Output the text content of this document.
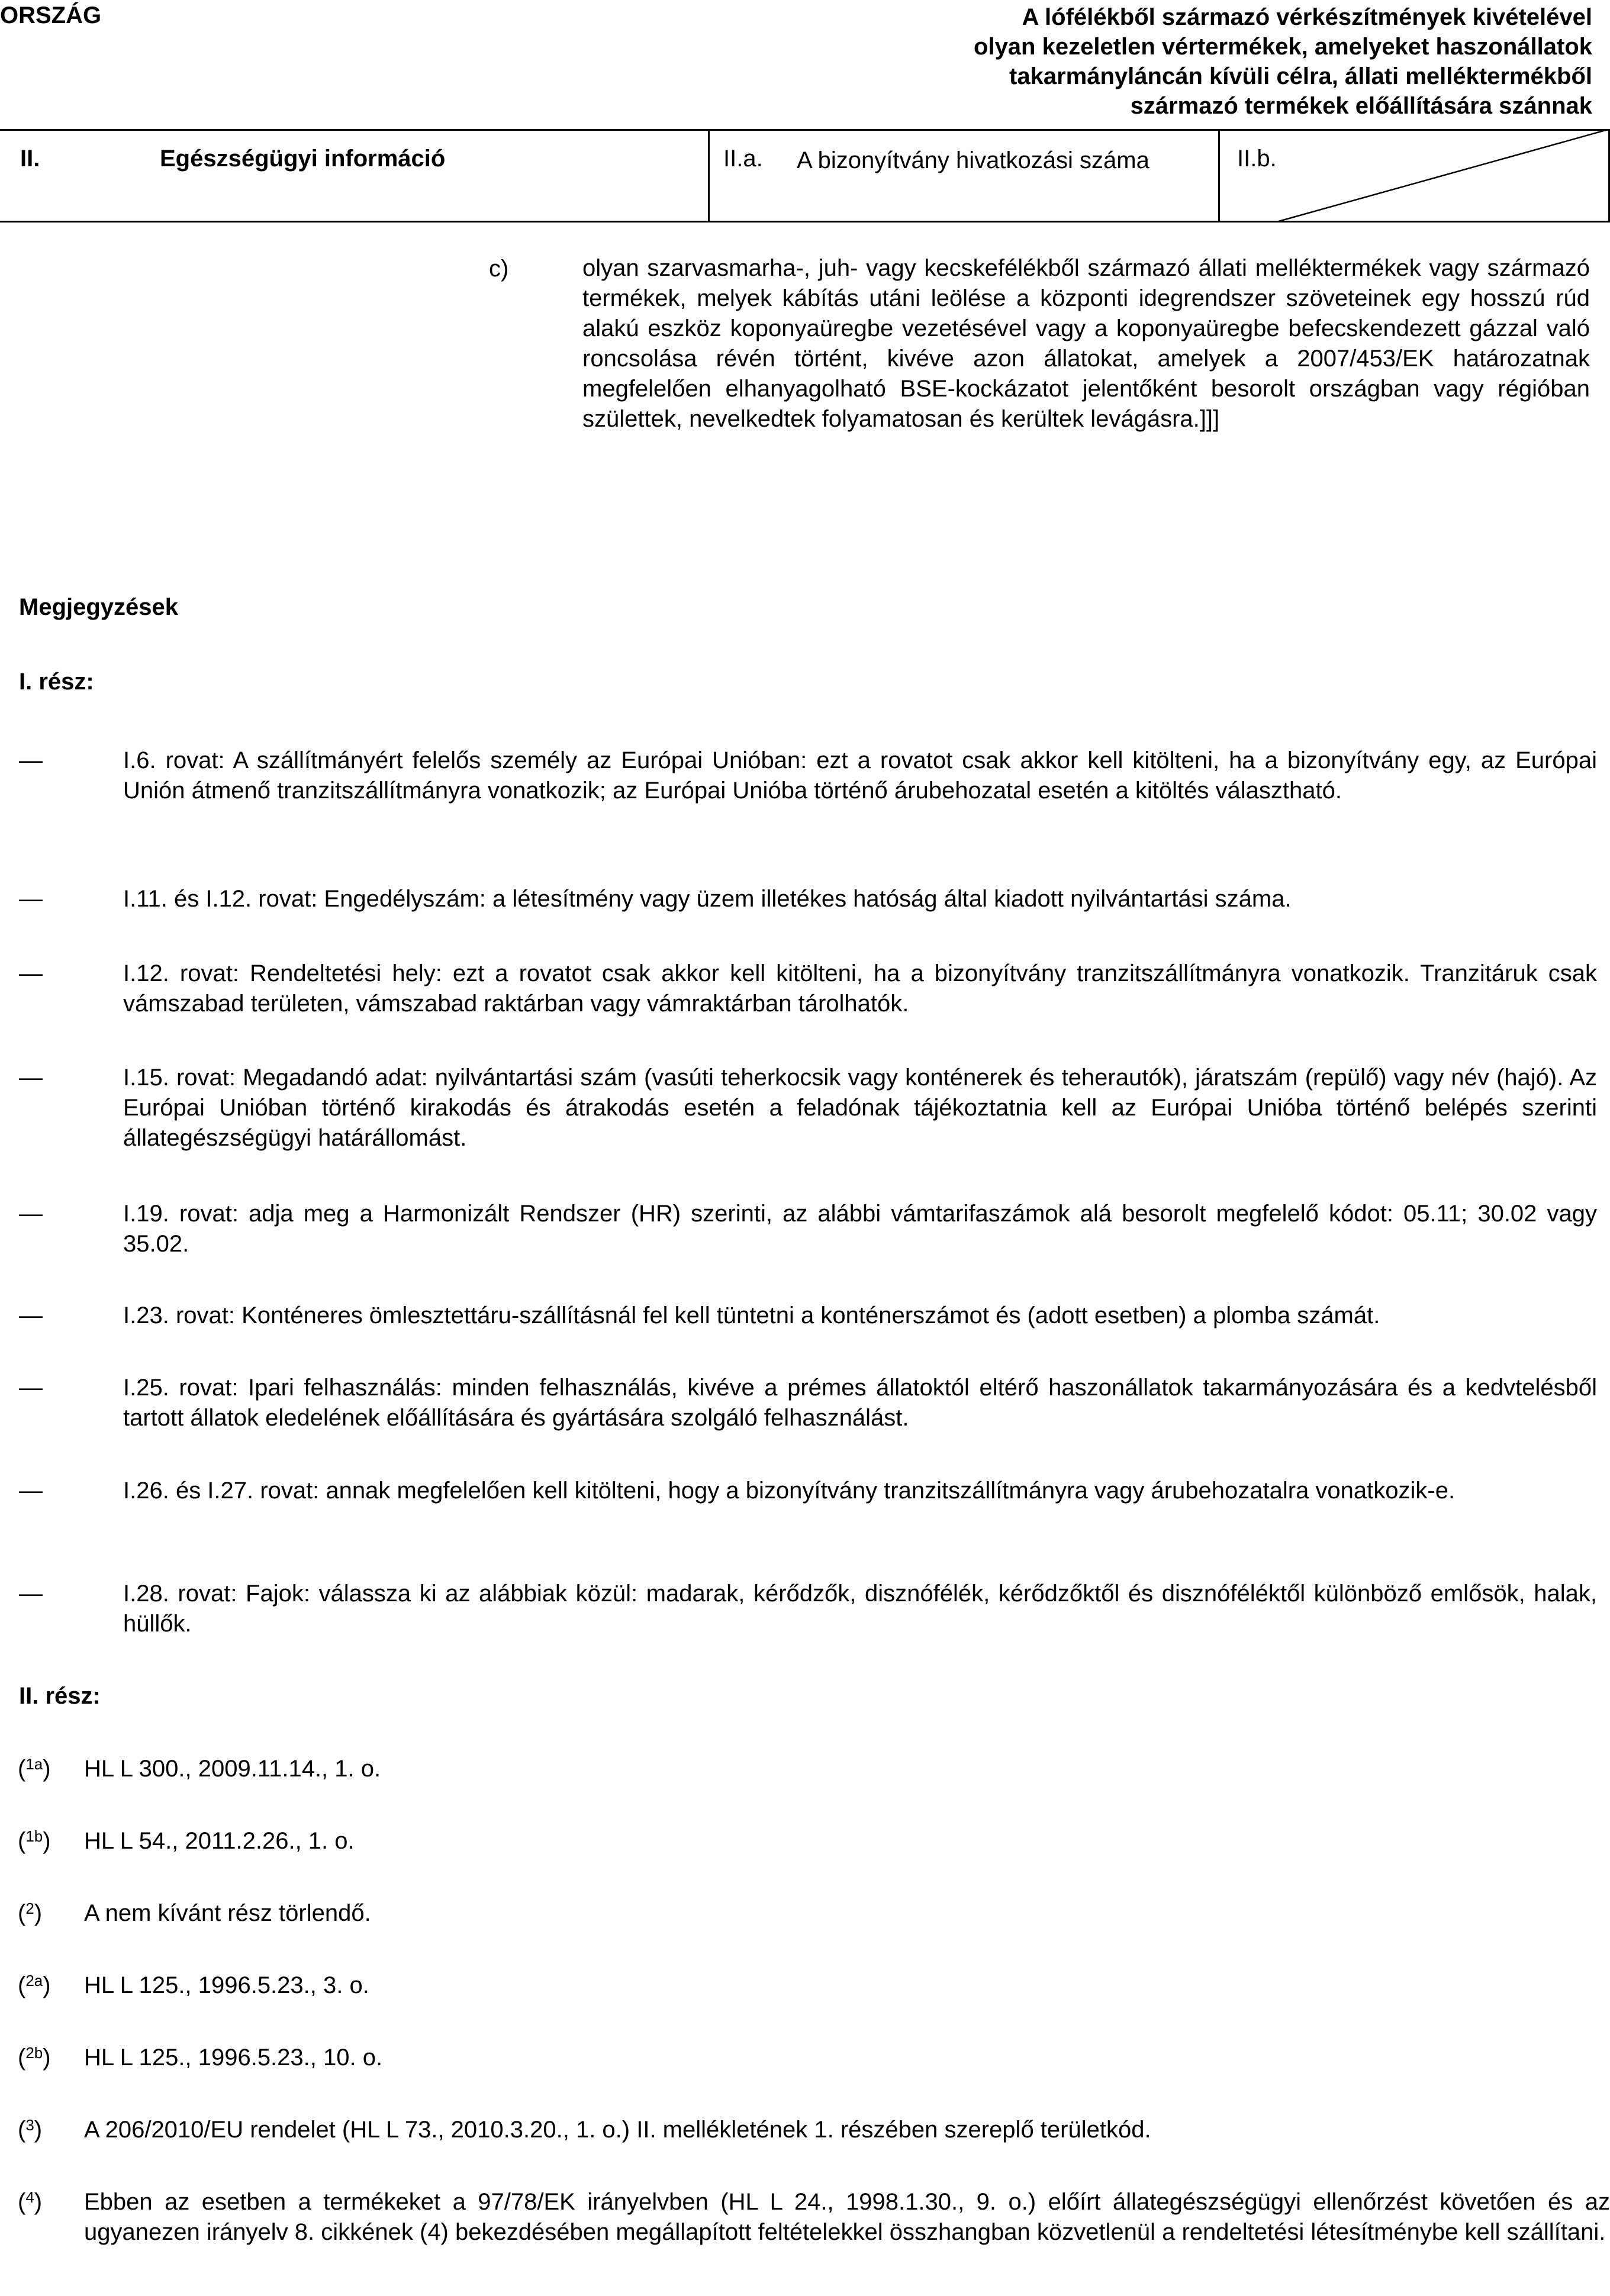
ORSZÁG	A lófélékből származó vérkészítmények kivételével
olyan kezeletlen vértermékek, amelyeket haszonállatok
takarmányláncán kívüli célra, állati melléktermékből
származó termékek előállítására szánnak
II.	Egészségügyi információ	II.a. A bizonyítvány hivatkozási száma	II.b.
c)	olyan szarvasmarha-, juh- vagy kecskefélékből származó állati melléktermékek vagy származó termékek, melyek kábítás utáni leölése a központi idegrendszer szöveteinek egy hosszú rúd alakú eszköz koponyaüregbe vezetésével vagy a koponyaüregbe befecskendezett gázzal való roncsolása révén történt, kivéve azon állatokat, amelyek a 2007/453/EK határozatnak megfelelően elhanyagolható BSE-kockázatot jelentőként besorolt országban vagy régióban születtek, nevelkedtek folyamatosan és kerültek levágásra.]]]
Megjegyzések
I. rész:
—	I.6. rovat: A szállítmányért felelős személy az Európai Unióban: ezt a rovatot csak akkor kell kitölteni, ha a bizonyítvány egy, az Európai Unión átmenő tranzitszállítmányra vonatkozik; az Európai Unióba történő árubehozatal esetén a kitöltés választható.
—	I.11. és I.12. rovat: Engedélyszám: a létesítmény vagy üzem illetékes hatóság által kiadott nyilvántartási száma.
—	I.12. rovat: Rendeltetési hely: ezt a rovatot csak akkor kell kitölteni, ha a bizonyítvány tranzitszállítmányra vonatkozik. Tranzitáruk csak vámszabad területen, vámszabad raktárban vagy vámraktárban tárolhatók.
—	I.15. rovat: Megadandó adat: nyilvántartási szám (vasúti teherkocsik vagy konténerek és teherautók), járatszám (repülő) vagy név (hajó). Az Európai Unióban történő kirakodás és átrakodás esetén a feladónak tájékoztatnia kell az Európai Unióba történő belépés szerinti állategészségügyi határállomást.
—	I.19. rovat: adja meg a Harmonizált Rendszer (HR) szerinti, az alábbi vámtarifaszámok alá besorolt megfelelő kódot: 05.11; 30.02 vagy 35.02.
—	I.23. rovat: Konténeres ömlesztettáru-szállításnál fel kell tüntetni a konténerszámot és (adott esetben) a plomba számát.
—	I.25. rovat: Ipari felhasználás: minden felhasználás, kivéve a prémes állatoktól eltérő haszonállatok takarmányozására és a kedvtelésből tartott állatok eledelének előállítására és gyártására szolgáló felhasználást.
—	I.26. és I.27. rovat: annak megfelelően kell kitölteni, hogy a bizonyítvány tranzitszállítmányra vagy árubehozatalra vonatkozik-e.
—	I.28. rovat: Fajok: válassza ki az alábbiak közül: madarak, kérődzők, disznófélék, kérődzőktől és disznóféléktől különböző emlősök, halak, hüllők.
II. rész:
($^{1a}$) HL L 300., 2009.11.14., 1. o.
($^{1b}$) HL L 54., 2011.2.26., 1. o.
($^2$) A nem kívánt rész törlendő.
($^{2a}$) HL L 125., 1996.5.23., 3. o.
($^{2b}$) HL L 125., 1996.5.23., 10. o.
($^3$) A 206/2010/EU rendelet (HL L 73., 2010.3.20., 1. o.) II. mellékletének 1. részében szereplő területkód.
($^4$) Ebben az esetben a termékeket a 97/78/EK irányelvben (HL L 24., 1998.1.30., 9. o.) előírt állategészségügyi ellenőrzést követően és az ugyanezen irányelv 8. cikkének (4) bekezdésében megállapított feltételekkel összhangban közvetlenül a rendeltetési létesítménybe kell szállítani.
